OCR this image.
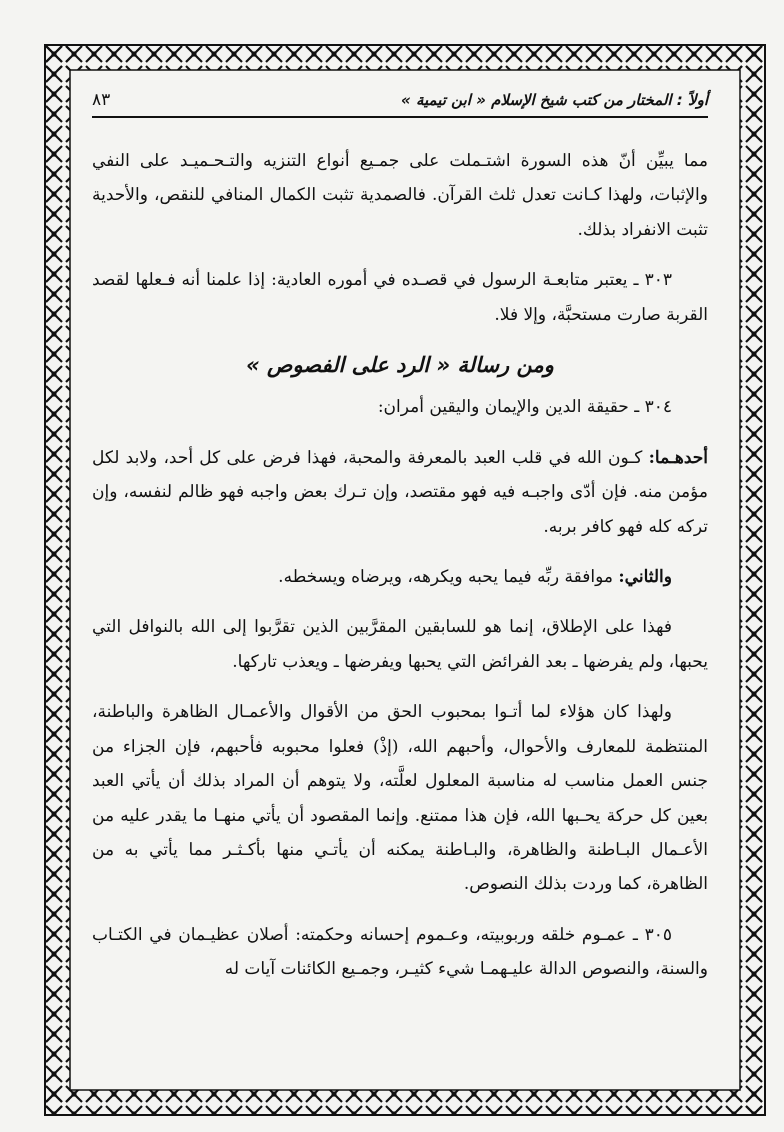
أولاً : المختار من كتب شيخ الإسلام « ابن تيمية »
٨٣

مما يبيِّن أنّ هذه السورة اشتـملت على جمـيع أنواع التنزيه والتـحـميـد على النفي والإثبات، ولهذا كـانت تعدل ثلث القرآن. فالصمدية تثبت الكمال المنافي للنقص، والأحدية تثبت الانفراد بذلك.

٣٠٣ ـ يعتبر متابعـة الرسول في قصـده في أموره العادية: إذا علمنا أنه فـعلها لقصد القربة صارت مستحبَّة، وإلا فلا.

ومن رسالة « الرد على الفصوص »

٣٠٤ ـ حقيقة الدين والإيمان واليقين أمران:

أحدهـما: كـون الله في قلب العبد بالمعرفة والمحبة، فهذا فرض على كل أحد، ولابد لكل مؤمن منه. فإن أدّى واجبـه فيه فهو مقتصد، وإن تـرك بعض واجبه فهو ظالم لنفسه، وإن تركه كله فهو كافر بربه.

والثاني: موافقة ربِّه فيما يحبه ويكرهه، ويرضاه ويسخطه.

فهذا على الإطلاق، إنما هو للسابقين المقرَّبين الذين تقرَّبوا إلى الله بالنوافل التي يحبها، ولم يفرضها ـ بعد الفرائض التي يحبها ويفرضها ـ ويعذب تاركها.

ولهذا كان هؤلاء لما أتـوا بمحبوب الحق من الأقوال والأعمـال الظاهرة والباطنة، المنتظمة للمعارف والأحوال، وأحبهم الله، (إذْ) فعلوا محبوبه فأحبهم، فإن الجزاء من جنس العمل مناسب له مناسبة المعلول لعلَّته، ولا يتوهم أن المراد بذلك أن يأتي العبد بعين كل حركة يحـبها الله، فإن هذا ممتنع. وإنما المقصود أن يأتي منهـا ما يقدر عليه من الأعـمال البـاطنة والظاهرة، والبـاطنة يمكنه أن يأتـي منها بأكـثـر مما يأتي به من الظاهرة، كما وردت بذلك النصوص.

٣٠٥ ـ عمـوم خلقه وربوبيته، وعـموم إحسانه وحكمته: أصلان عظيـمان في الكتـاب والسنة، والنصوص الدالة عليـهمـا شيء كثيـر، وجمـيع الكائنات آيات له
